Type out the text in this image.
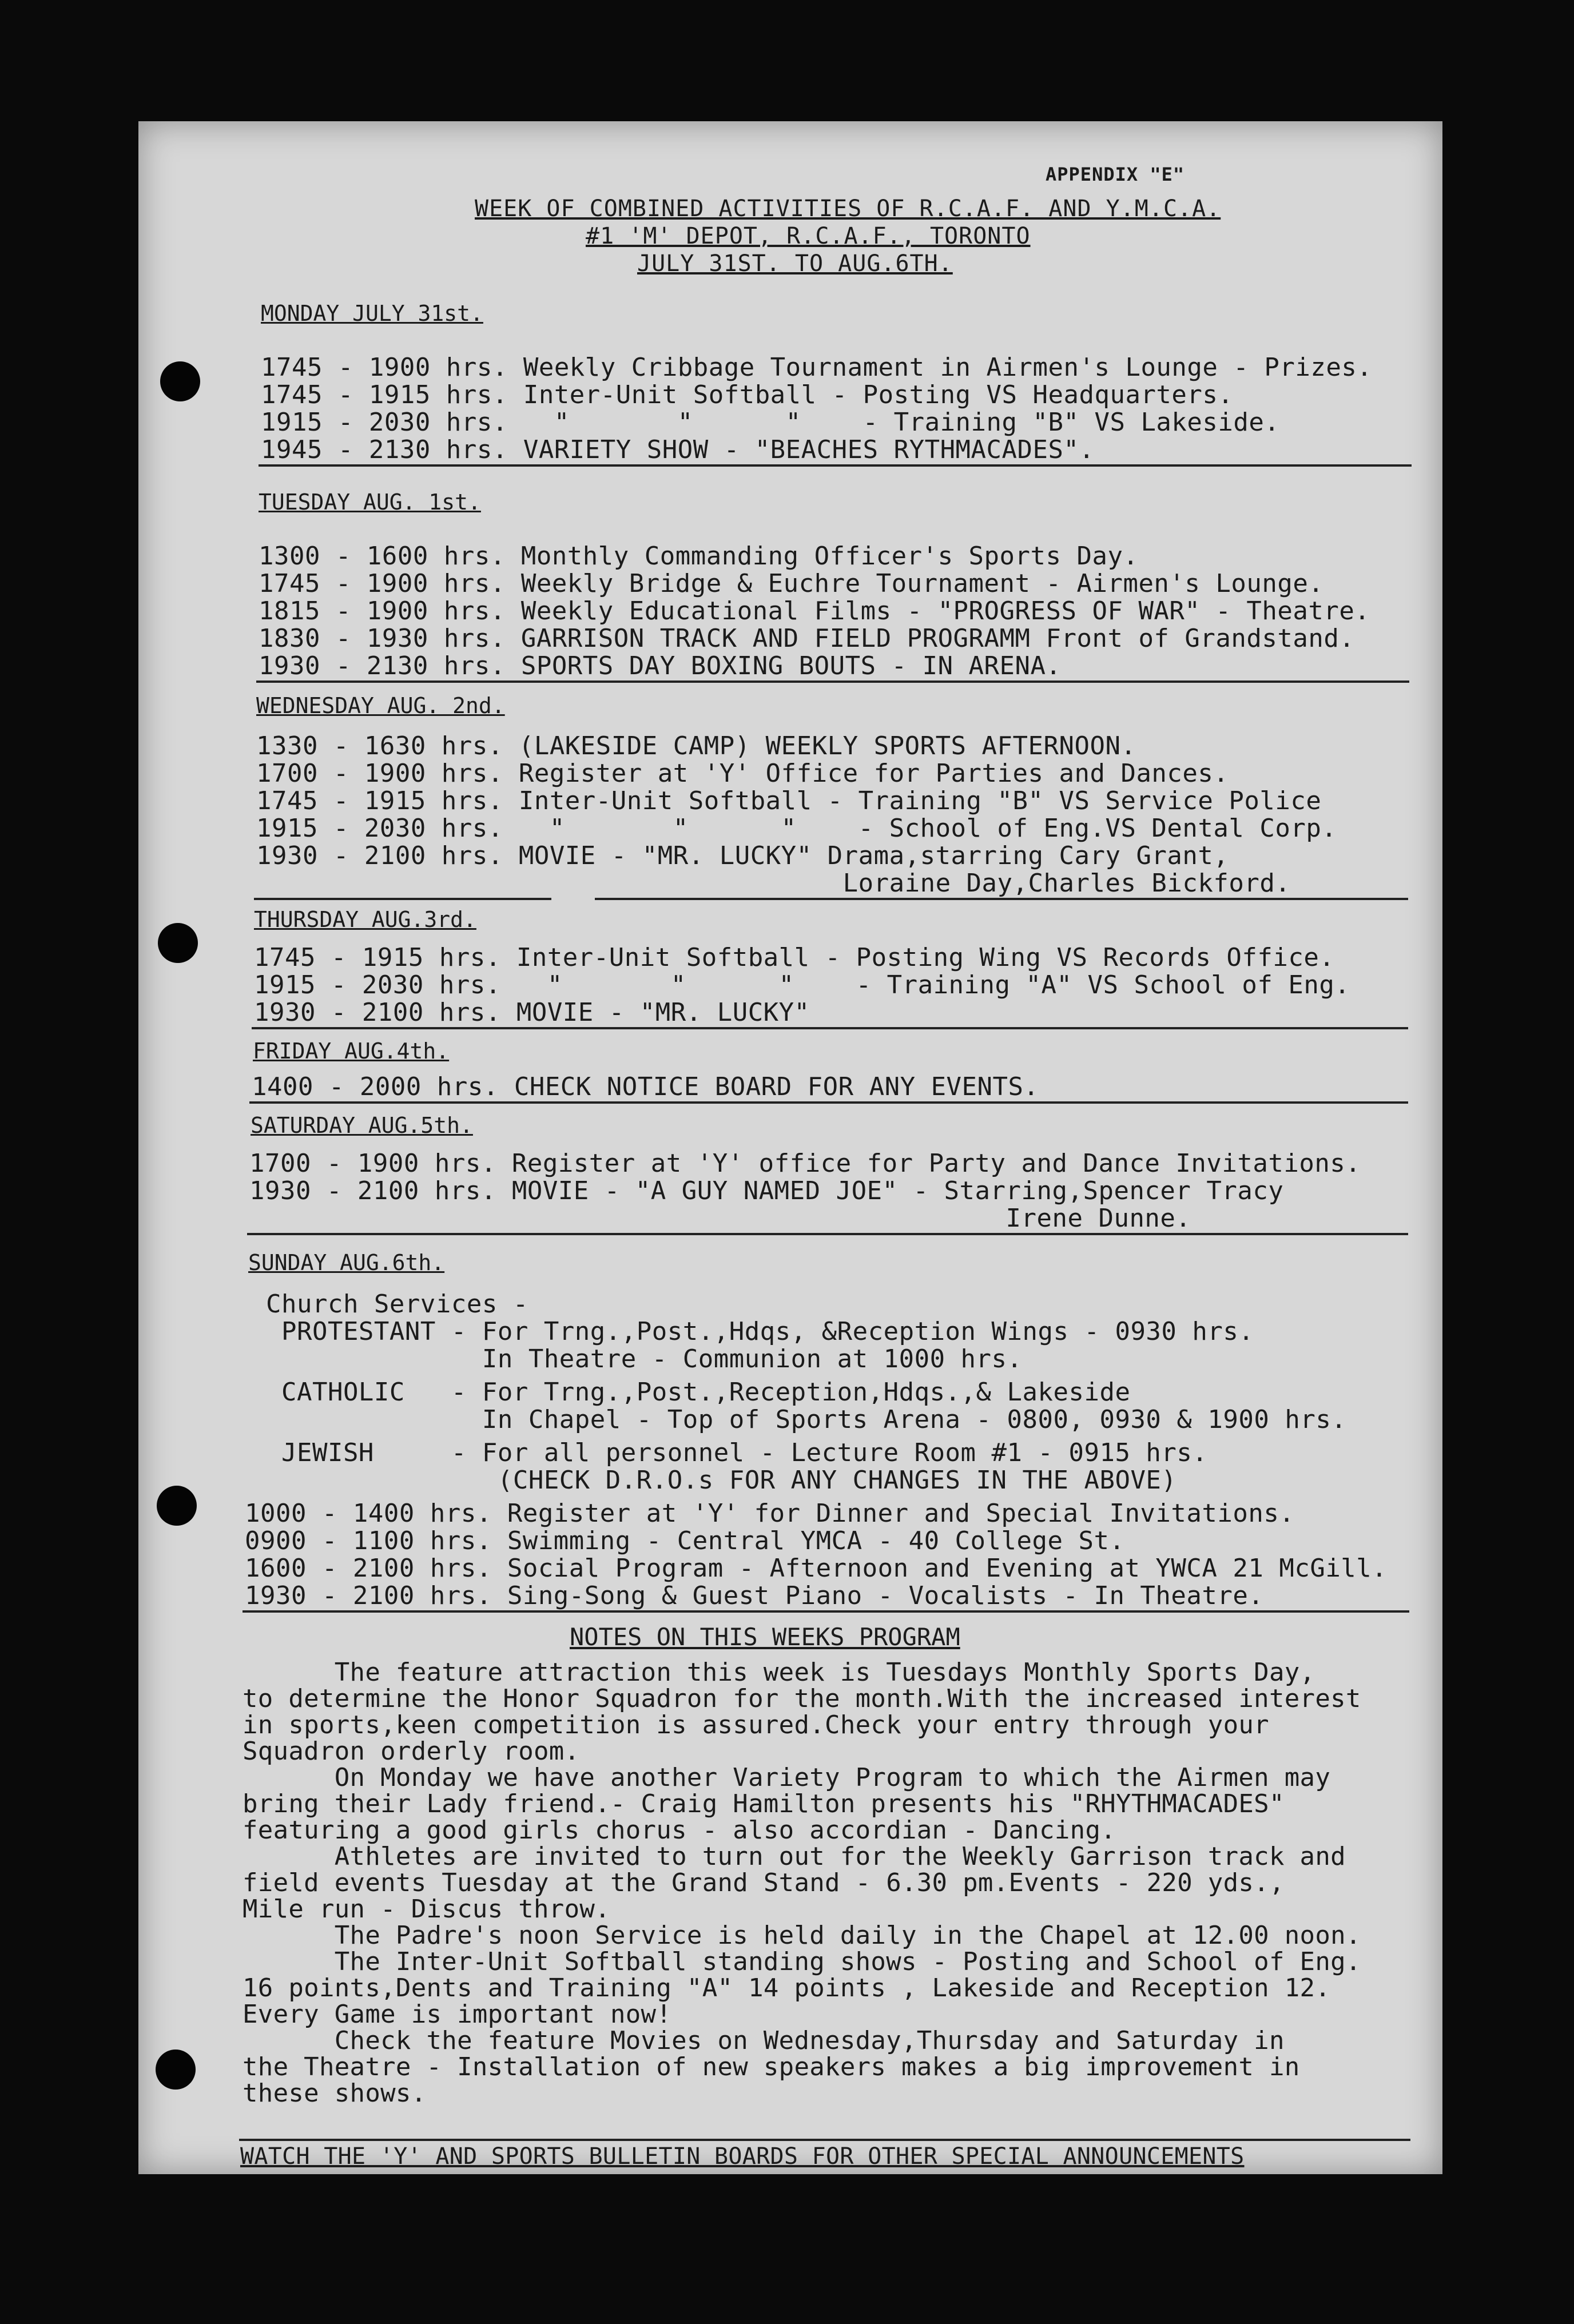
APPENDIX "E"
WEEK OF COMBINED ACTIVITIES OF R.C.A.F. AND Y.M.C.A.
#1 'M' DEPOT, R.C.A.F., TORONTO
JULY 31ST. TO AUG.6TH.
MONDAY JULY 31st.
1745 - 1900 hrs. Weekly Cribbage Tournament in Airmen's Lounge - Prizes.
1745 - 1915 hrs. Inter-Unit Softball - Posting VS Headquarters.
1915 - 2030 hrs.   "       "      "    - Training "B" VS Lakeside.
1945 - 2130 hrs. VARIETY SHOW - "BEACHES RYTHMACADES".
TUESDAY AUG. 1st.
1300 - 1600 hrs. Monthly Commanding Officer's Sports Day.
1745 - 1900 hrs. Weekly Bridge & Euchre Tournament - Airmen's Lounge.
1815 - 1900 hrs. Weekly Educational Films - "PROGRESS OF WAR" - Theatre.
1830 - 1930 hrs. GARRISON TRACK AND FIELD PROGRAMM Front of Grandstand.
1930 - 2130 hrs. SPORTS DAY BOXING BOUTS - IN ARENA.
WEDNESDAY AUG. 2nd.
1330 - 1630 hrs. (LAKESIDE CAMP) WEEKLY SPORTS AFTERNOON.
1700 - 1900 hrs. Register at 'Y' Office for Parties and Dances.
1745 - 1915 hrs. Inter-Unit Softball - Training "B" VS Service Police
1915 - 2030 hrs.   "       "      "    - School of Eng.VS Dental Corp.
1930 - 2100 hrs. MOVIE - "MR. LUCKY" Drama,starring Cary Grant,
Loraine Day,Charles Bickford.
THURSDAY AUG.3rd.
1745 - 1915 hrs. Inter-Unit Softball - Posting Wing VS Records Office.
1915 - 2030 hrs.   "       "      "    - Training "A" VS School of Eng.
1930 - 2100 hrs. MOVIE - "MR. LUCKY"
FRIDAY AUG.4th.
1400 - 2000 hrs. CHECK NOTICE BOARD FOR ANY EVENTS.
SATURDAY AUG.5th.
1700 - 1900 hrs. Register at 'Y' office for Party and Dance Invitations.
1930 - 2100 hrs. MOVIE - "A GUY NAMED JOE" - Starring,Spencer Tracy
Irene Dunne.
SUNDAY AUG.6th.
Church Services -
PROTESTANT - For Trng.,Post.,Hdqs, &Reception Wings - 0930 hrs.
In Theatre - Communion at 1000 hrs.
CATHOLIC   - For Trng.,Post.,Reception,Hdqs.,& Lakeside
In Chapel - Top of Sports Arena - 0800, 0930 & 1900 hrs.
JEWISH     - For all personnel - Lecture Room #1 - 0915 hrs.
(CHECK D.R.O.s FOR ANY CHANGES IN THE ABOVE)
1000 - 1400 hrs. Register at 'Y' for Dinner and Special Invitations.
0900 - 1100 hrs. Swimming - Central YMCA - 40 College St.
1600 - 2100 hrs. Social Program - Afternoon and Evening at YWCA 21 McGill.
1930 - 2100 hrs. Sing-Song & Guest Piano - Vocalists - In Theatre.
NOTES ON THIS WEEKS PROGRAM
The feature attraction this week is Tuesdays Monthly Sports Day,
to determine the Honor Squadron for the month.With the increased interest
in sports,keen competition is assured.Check your entry through your
Squadron orderly room.
On Monday we have another Variety Program to which the Airmen may
bring their Lady friend.- Craig Hamilton presents his "RHYTHMACADES"
featuring a good girls chorus - also accordian - Dancing.
Athletes are invited to turn out for the Weekly Garrison track and
field events Tuesday at the Grand Stand - 6.30 pm.Events - 220 yds.,
Mile run - Discus throw.
The Padre's noon Service is held daily in the Chapel at 12.00 noon.
The Inter-Unit Softball standing shows - Posting and School of Eng.
16 points,Dents and Training "A" 14 points , Lakeside and Reception 12.
Every Game is important now!
Check the feature Movies on Wednesday,Thursday and Saturday in
the Theatre - Installation of new speakers makes a big improvement in
these shows.
WATCH THE 'Y' AND SPORTS BULLETIN BOARDS FOR OTHER SPECIAL ANNOUNCEMENTS
